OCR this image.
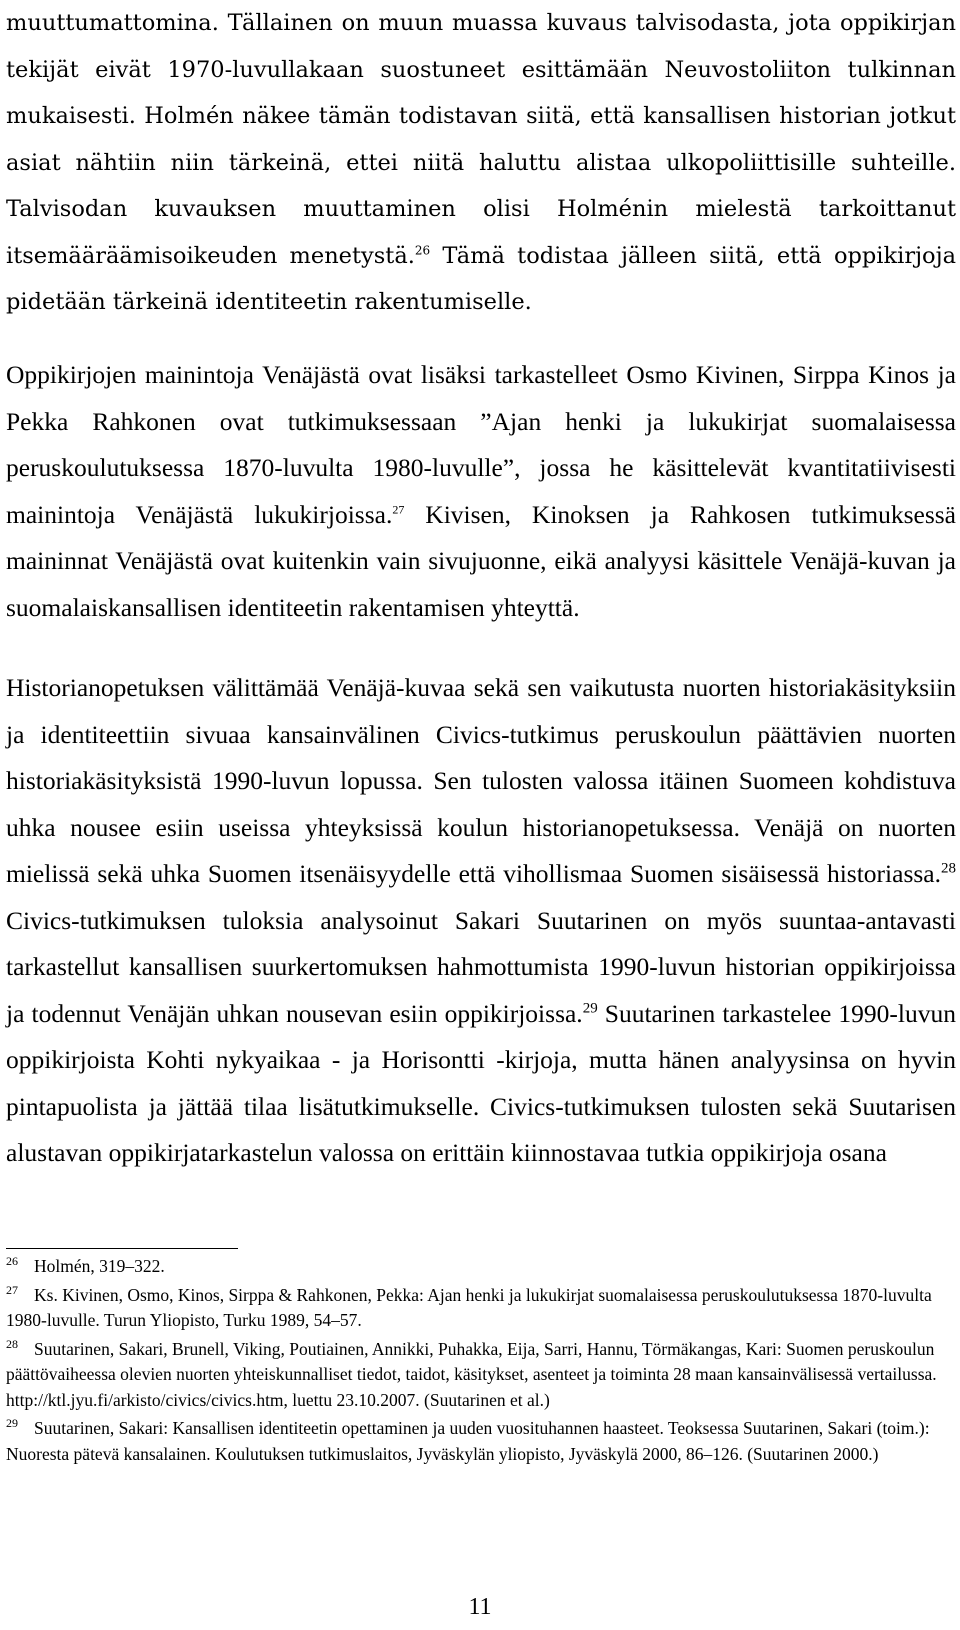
muuttumattomina. Tällainen on muun muassa kuvaus talvisodasta, jota oppikirjan tekijät eivät 1970-luvullakaan suostuneet esittämään Neuvostoliiton tulkinnan mukaisesti. Holmén näkee tämän todistavan siitä, että kansallisen historian jotkut asiat nähtiin niin tärkeinä, ettei niitä haluttu alistaa ulkopoliittisille suhteille. Talvisodan kuvauksen muuttaminen olisi Holménin mielestä tarkoittanut itsemääräämisoikeuden menetystä.$^{26}$ Tämä todistaa jälleen siitä, että oppikirjoja pidetään tärkeinä identiteetin rakentumiselle.

Oppikirjojen mainintoja Venäjästä ovat lisäksi tarkastelleet Osmo Kivinen, Sirppa Kinos ja Pekka Rahkonen ovat tutkimuksessaan ”Ajan henki ja lukukirjat suomalaisessa peruskoulutuksessa 1870-luvulta 1980-luvulle”, jossa he käsittelevät kvantitatiivisesti mainintoja Venäjästä lukukirjoissa.$^{27}$ Kivisen, Kinoksen ja Rahkosen tutkimuksessä maininnat Venäjästä ovat kuitenkin vain sivujuonne, eikä analyysi käsittele Venäjä-kuvan ja suomalaiskansallisen identiteetin rakentamisen yhteyttä.

Historianopetuksen välittämää Venäjä-kuvaa sekä sen vaikutusta nuorten historiakäsityksiin ja identiteettiin sivuaa kansainvälinen Civics-tutkimus peruskoulun päättävien nuorten historiakäsityksistä 1990-luvun lopussa. Sen tulosten valossa itäinen Suomeen kohdistuva uhka nousee esiin useissa yhteyksissä koulun historianopetuksessa. Venäjä on nuorten mielissä sekä uhka Suomen itsenäisyydelle että vihollismaa Suomen sisäisessä historiassa.$^{28}$ Civics-tutkimuksen tuloksia analysoinut Sakari Suutarinen on myös suuntaa-antavasti tarkastellut kansallisen suurkertomuksen hahmottumista 1990-luvun historian oppikirjoissa ja todennut Venäjän uhkan nousevan esiin oppikirjoissa.$^{29}$ Suutarinen tarkastelee 1990-luvun oppikirjoista Kohti nykyaikaa - ja Horisontti -kirjoja, mutta hänen analyysinsa on hyvin pintapuolista ja jättää tilaa lisätutkimukselle. Civics-tutkimuksen tulosten sekä Suutarisen alustavan oppikirjatarkastelun valossa on erittäin kiinnostavaa tutkia oppikirjoja osana

$^{26}$ Holmén, 319–322.

$^{27}$ Ks. Kivinen, Osmo, Kinos, Sirppa & Rahkonen, Pekka: Ajan henki ja lukukirjat suomalaisessa peruskoulutuksessa 1870-luvulta 1980-luvulle. Turun Yliopisto, Turku 1989, 54–57.

$^{28}$ Suutarinen, Sakari, Brunell, Viking, Poutiainen, Annikki, Puhakka, Eija, Sarri, Hannu, Törmäkangas, Kari: Suomen peruskoulun päättövaiheessa olevien nuorten yhteiskunnalliset tiedot, taidot, käsitykset, asenteet ja toiminta 28 maan kansainvälisessä vertailussa. http://ktl.jyu.fi/arkisto/civics/civics.htm, luettu 23.10.2007. (Suutarinen et al.)

$^{29}$ Suutarinen, Sakari: Kansallisen identiteetin opettaminen ja uuden vuosituhannen haasteet. Teoksessa Suutarinen, Sakari (toim.): Nuoresta pätevä kansalainen. Koulutuksen tutkimuslaitos, Jyväskylän yliopisto, Jyväskylä 2000, 86–126. (Suutarinen 2000.)

11
